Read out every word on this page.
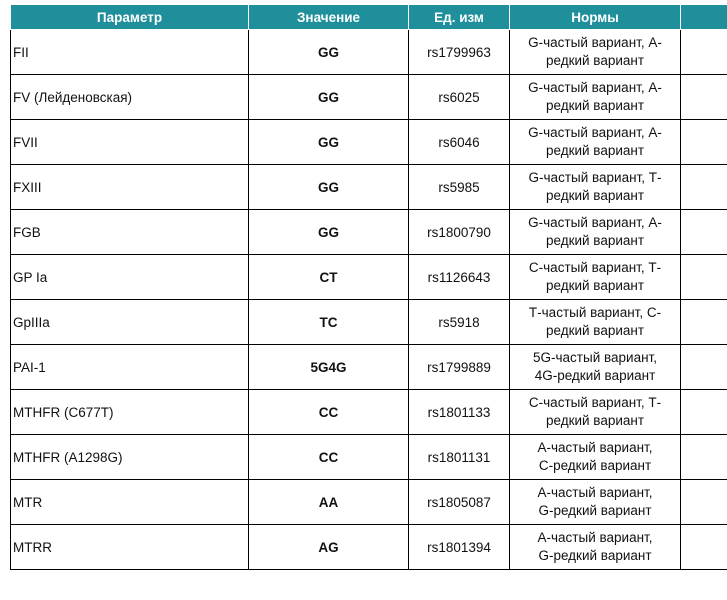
Параметр	Значение	Ед. изм	Нормы	
FII	GG	rs1799963	G-частый вариант, А-
редкий вариант	

FV (Лейденовская)	GG	rs6025	G-частый вариант, А-
редкий вариант	

FVII	GG	rs6046	G-частый вариант, А-
редкий вариант	

FXIII	GG	rs5985	G-частый вариант, Т-
редкий вариант	

FGB	GG	rs1800790	G-частый вариант, А-
редкий вариант	

GP Ia	CT	rs1126643	С-частый вариант, Т-
редкий вариант	

GpIIIa	TC	rs5918	Т-частый вариант, С-
редкий вариант	

PAI-1	5G4G	rs1799889	5G-частый вариант,
4G-редкий вариант	

MTHFR (C677T)	CC	rs1801133	С-частый вариант, Т-
редкий вариант	

MTHFR (A1298G)	CC	rs1801131	А-частый вариант,
С-редкий вариант	

MTR	AA	rs1805087	А-частый вариант,
G-редкий вариант	

MTRR	AG	rs1801394	А-частый вариант,
G-редкий вариант	
